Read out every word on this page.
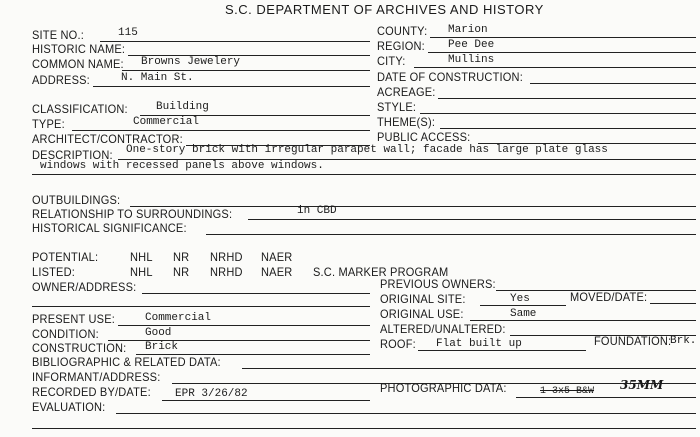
S.C. DEPARTMENT OF ARCHIVES AND HISTORY
SITE NO.:	115
HISTORIC NAME:
COMMON NAME: Browns Jewelery
ADDRESS:	N. Main St.
COUNTY: Marion
REGION: Pee Dee
CITY:	Mullins
DATE OF CONSTRUCTION:
ACREAGE:
CLASSIFICATION:	Building
TYPE:	Commercial
ARCHITECT/CONTRACTOR:
STYLE:
THEME(S):
PUBLIC ACCESS:
DESCRIPTION: One-story brick with irregular parapet wall; facade has large plate glass
windows with recessed panels above windows.
OUTBUILDINGS:
RELATIONSHIP TO SURROUNDINGS:	in CBD
HISTORICAL SIGNIFICANCE:
POTENTIAL:	NHL NR NRHD NAER
LISTED:	NHL NR NRHD NAER S.C. MARKER PROGRAM
OWNER/ADDRESS:	PREVIOUS OWNERS:
ORIGINAL SITE:	Yes	MOVED/DATE:
PRESENT USE:	Commercial	ORIGINAL USE:	Same
CONDITION:	Good	ALTERED/UNALTERED:
CONSTRUCTION: Brick	ROOF: Flat built up	FOUNDATION:
Brk.
BIBLIOGRAPHIC & RELATED DATA:
INFORMANT/ADDRESS:
RECORDED BY/DATE: EPR 3/26/82	PHOTOGRAPHIC DATA:	1 3x5 B&W 35MM
EVALUATION:
